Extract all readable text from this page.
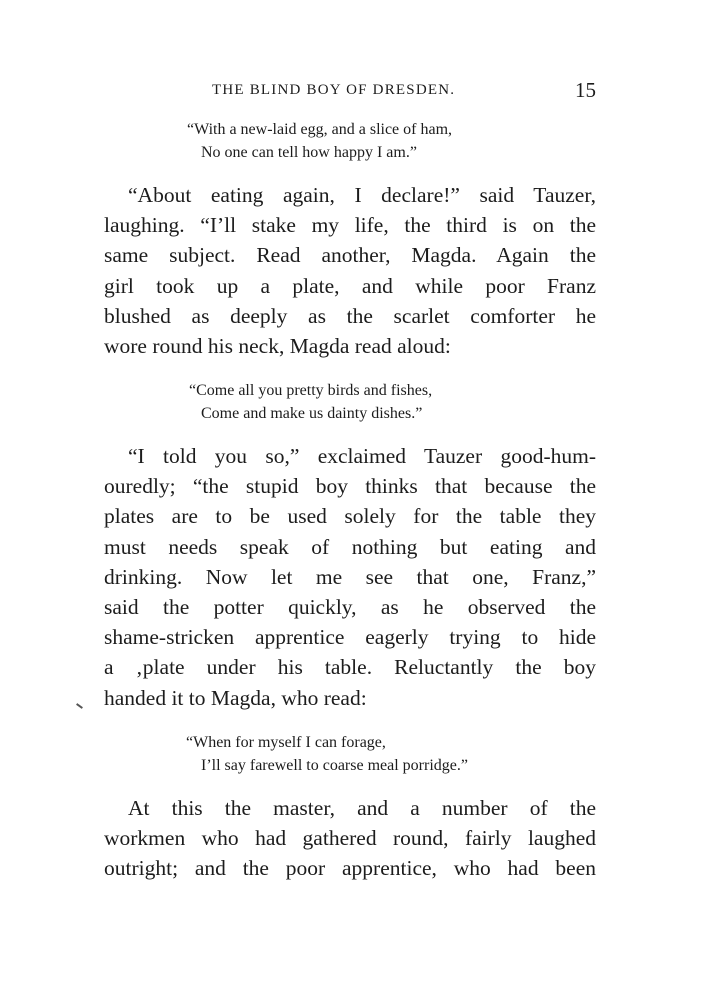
THE BLIND BOY OF DRESDEN.	15
“With a new-laid egg, and a slice of ham,
No one can tell how happy I am.”
“About eating again, I declare!” said Tauzer,
laughing. “I’ll stake my life, the third is on the
same subject. Read another, Magda. Again the
girl took up a plate, and while poor Franz
blushed as deeply as the scarlet comforter he
wore round his neck, Magda read aloud:
“Come all you pretty birds and fishes,
Come and make us dainty dishes.”
“I told you so,” exclaimed Tauzer good-hum-
ouredly; “the stupid boy thinks that because the
plates are to be used solely for the table they
must needs speak of nothing but eating and
drinking. Now let me see that one, Franz,”
said the potter quickly, as he observed the
shame-stricken apprentice eagerly trying to hide
a ‚plate under his table. Reluctantly the boy
handed it to Magda, who read:
“When for myself I can forage,
I’ll say farewell to coarse meal porridge.”
At this the master, and a number of the
workmen who had gathered round, fairly laughed
outright; and the poor apprentice, who had been
